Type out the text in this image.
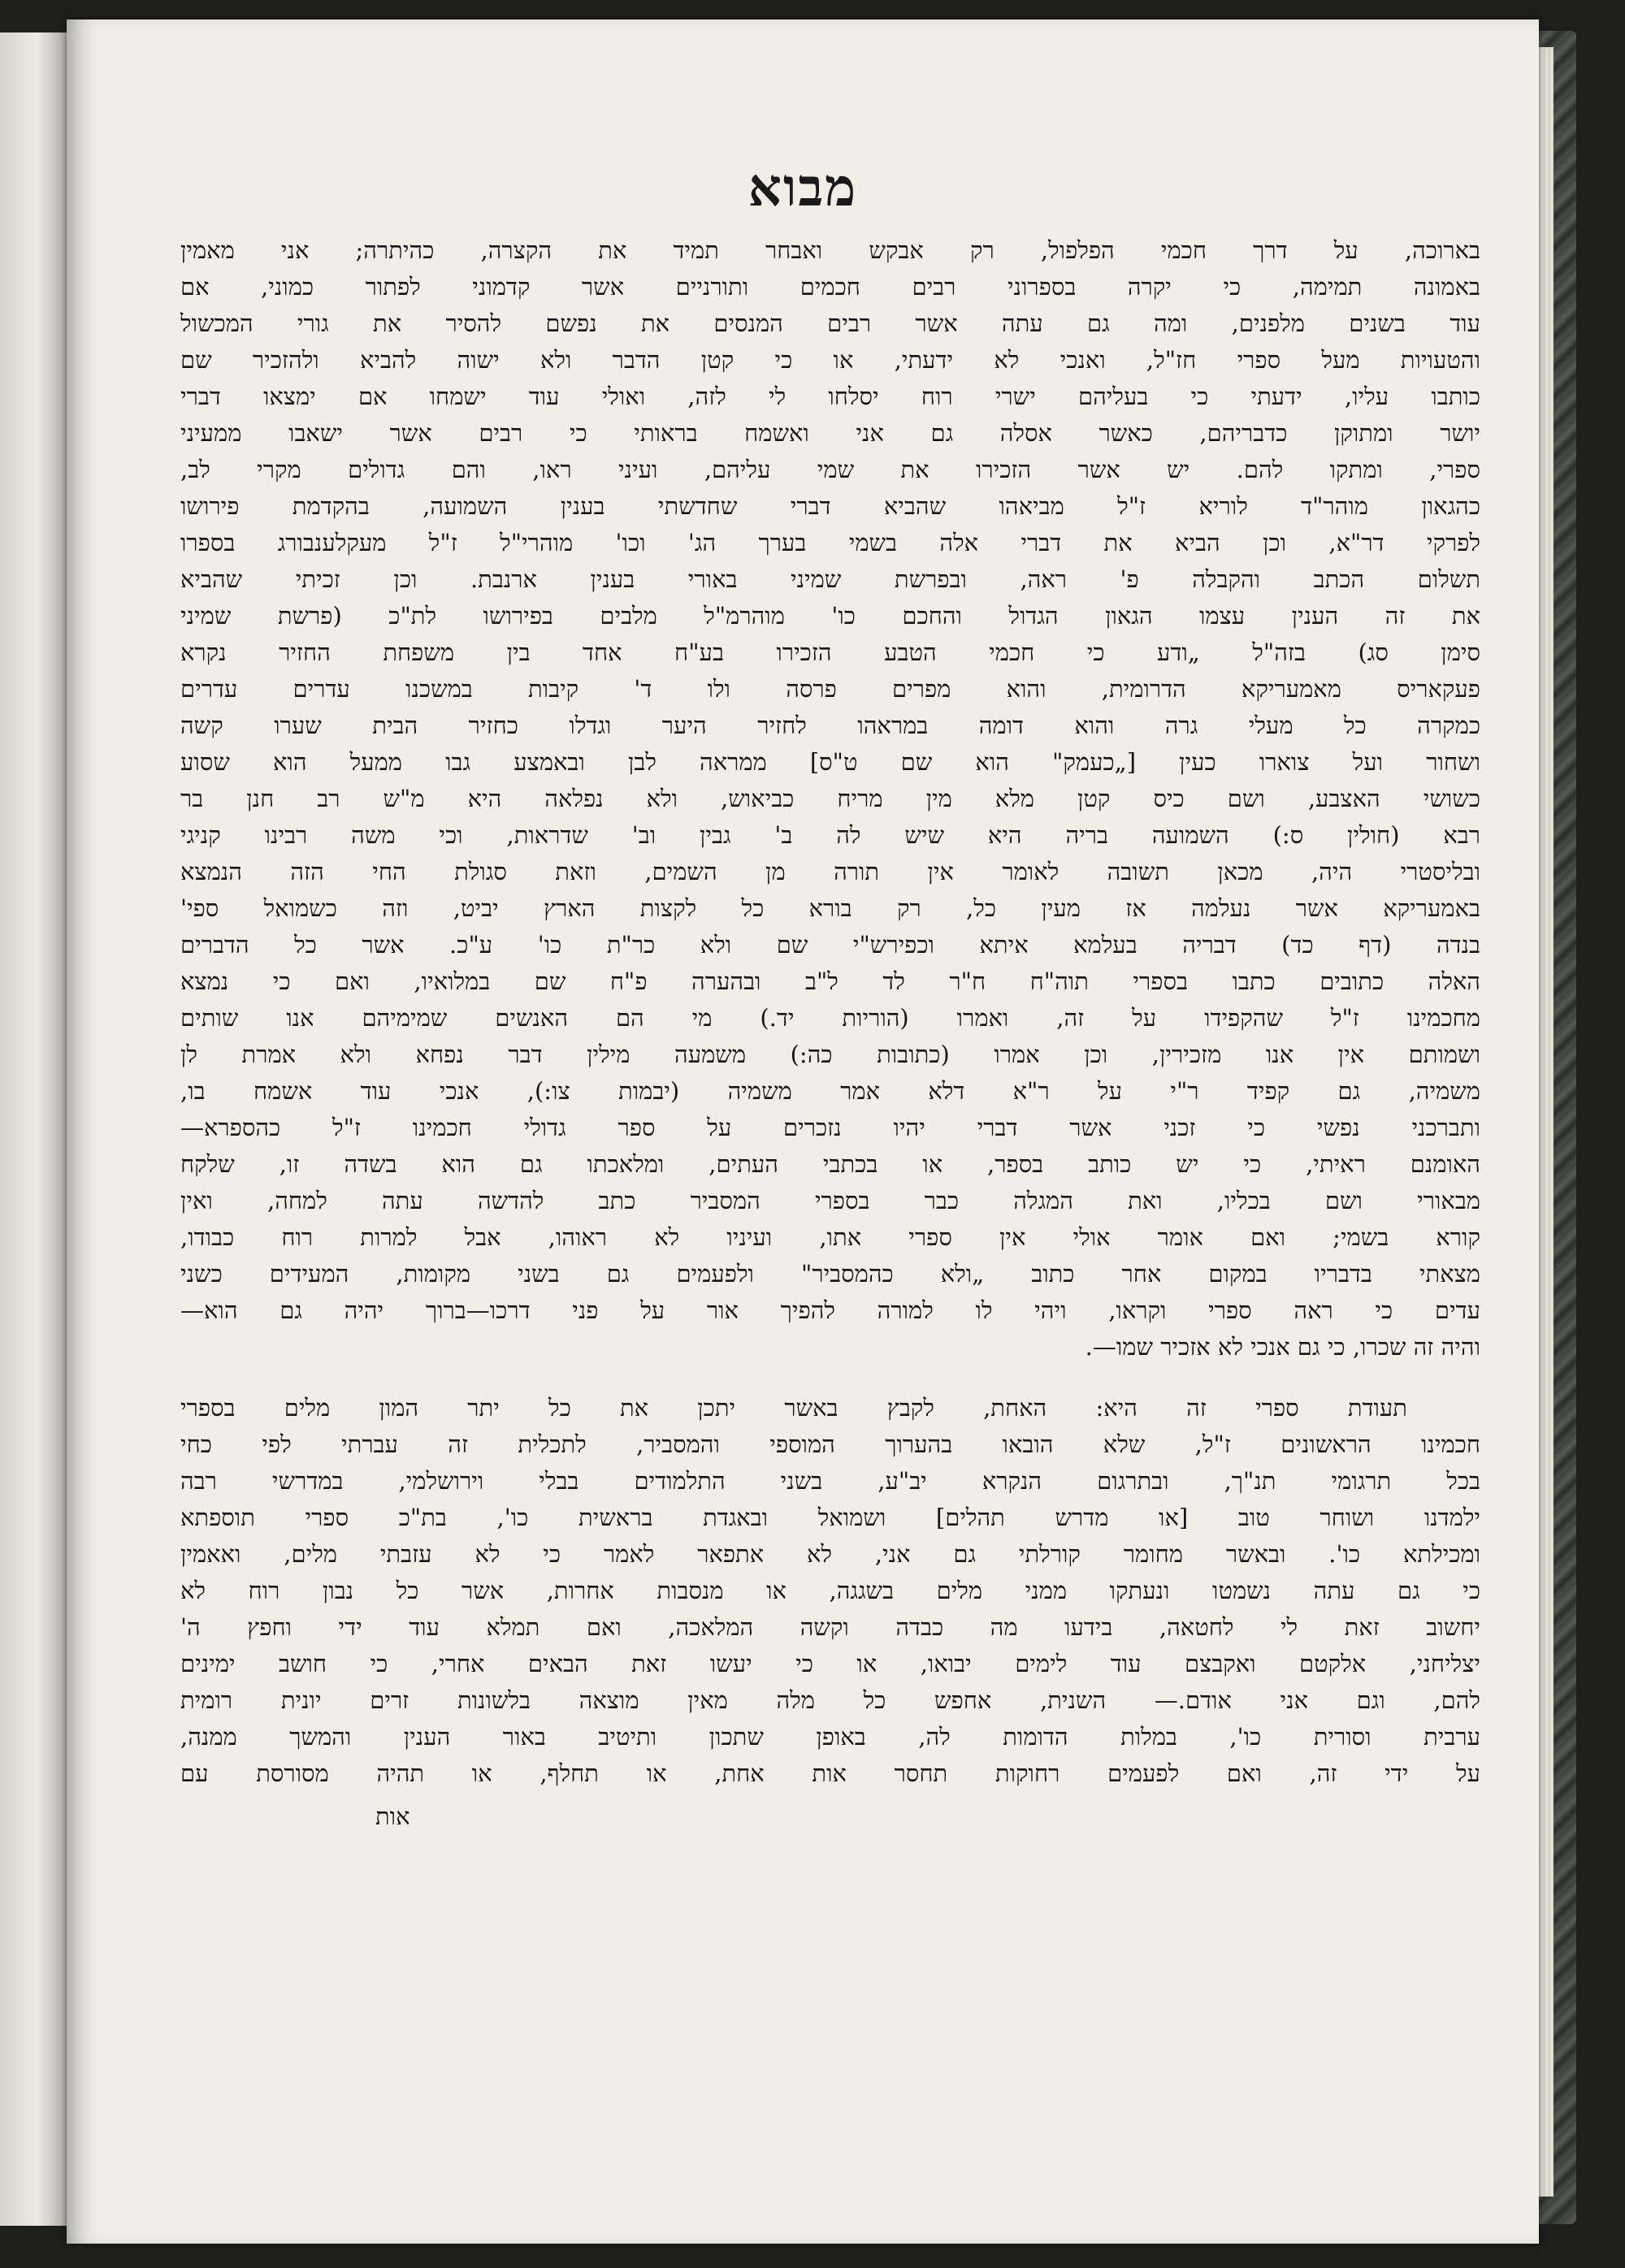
מבוא
בארוכה, על דרך חכמי הפלפול, רק אבקש ואבחר תמיד את הקצרה, כהיתרה; אני מאמין
באמונה תמימה, כי יקרה בספרוני רבים חכמים ותורניים אשר קדמוני לפתור כמוני, אם
עוד בשנים מלפנים, ומה גם עתה אשר רבים המנסים את נפשם להסיר את גורי המכשול
והטעויות מעל ספרי חז"ל, ואנכי לא ידעתי, או כי קטן הדבר ולא ישוה להביא ולהזכיר שם
כותבו עליו, ידעתי כי בעליהם ישרי רוח יסלחו לי לזה, ואולי עוד ישמחו אם ימצאו דברי
יושר ומתוקן כדבריהם, כאשר אסלה גם אני ואשמח בראותי כי רבים אשר ישאבו ממעיני
ספרי, ומתקו להם. יש אשר הזכירו את שמי עליהם, ועיני ראו, והם גדולים מקרי לב,
כהגאון מוהר"ד לוריא ז"ל מביאהו שהביא דברי שחדשתי בענין השמועה, בהקדמת פירושו
לפרקי דר"א, וכן הביא את דברי אלה בשמי בערך הג' וכו' מוהרי"ל ז"ל מעקלענבורג בספרו
תשלום הכתב והקבלה פ' ראה, ובפרשת שמיני באורי בענין ארנבת. וכן זכיתי שהביא
את זה הענין עצמו הגאון הגדול והחכם כו' מוהרמ"ל מלבים בפירושו לת"כ (פרשת שמיני
סימן סג) בזה"ל „ודע כי חכמי הטבע הזכירו בע"ח אחד בין משפחת החזיר נקרא
פעקאריס מאמעריקא הדרומית, והוא מפרים פרסה ולו ד' קיבות במשכנו עדרים עדרים
כמקרה כל מעלי גרה והוא דומה במראהו לחזיר היער וגדלו כחזיר הבית שערו קשה
ושחור ועל צוארו כעין [„כעמק" הוא שם ט"ס] ממראה לבן ובאמצע גבו ממעל הוא שסוע
כשושי האצבע, ושם כיס קטן מלא מין מריח כביאוש, ולא נפלאה היא מ"ש רב חנן בר
רבא (חולין ס:) השמועה בריה היא שיש לה ב' גבין וב' שדראות, וכי משה רבינו קניגי
ובליסטרי היה, מכאן תשובה לאומר אין תורה מן השמים, וזאת סגולת החי הזה הנמצא
באמעריקא אשר נעלמה אז מעין כל, רק בורא כל לקצות הארץ יביט, וזה כשמואל ספי'
בנדה (דף כד) דבריה בעלמא איתא וכפירש"י שם ולא כר"ת כו' ע"כ. אשר כל הדברים
האלה כתובים כתבו בספרי תוה"ח ח"ר לד ל"ב ובהערה פ"ח שם במלואיו, ואם כי נמצא
מחכמינו ז"ל שהקפידו על זה, ואמרו (הוריות יד.) מי הם האנשים שמימיהם אנו שותים
ושמותם אין אנו מזכירין, וכן אמרו (כתובות כה:) משמעה מילין דבר נפחא ולא אמרת לן
משמיה, גם קפיד ר"י על ר"א דלא אמר משמיה (יבמות צו:), אנכי עוד אשמח בו,
ותברכני נפשי כי זכני אשר דברי יהיו נזכרים על ספר גדולי חכמינו ז"ל כהספרא—
האומנם ראיתי, כי יש כותב בספר, או בכתבי העתים, ומלאכתו גם הוא בשדה זו, שלקח
מבאורי ושם בכליו, ואת המגלה כבר בספרי המסביר כתב להדשה עתה למחה, ואין
קורא בשמי; ואם אומר אולי אין ספרי אתו, ועיניו לא ראוהו, אבל למרות רוח כבודו,
מצאתי בדבריו במקום אחר כתוב „ולא כהמסביר" ולפעמים גם בשני מקומות, המעידים כשני
עדים כי ראה ספרי וקראו, ויהי לו למורה להפיך אור על פני דרכו—ברוך יהיה גם הוא—
והיה זה שכרו, כי גם אנכי לא אזכיר שמו—.
תעודת ספרי זה היא: האחת, לקבץ באשר יתכן את כל יתר המון מלים בספרי
חכמינו הראשונים ז"ל, שלא הובאו בהערוך המוספי והמסביר, לתכלית זה עברתי לפי כחי
בכל תרגומי תנ"ך, ובתרגום הנקרא יב"ע, בשני התלמודים בבלי וירושלמי, במדרשי רבה
ילמדנו ושוחר טוב [או מדרש תהלים] ושמואל ובאגדת בראשית כו', בת"כ ספרי תוספתא
ומכילתא כו'. ובאשר מחומר קורלתי גם אני, לא אתפאר לאמר כי לא עזבתי מלים, ואאמין
כי גם עתה נשמטו ונעתקו ממני מלים בשגגה, או מנסבות אחרות, אשר כל נבון רוח לא
יחשוב זאת לי לחטאה, בידעו מה כבדה וקשה המלאכה, ואם תמלא עוד ידי וחפץ ה'
יצליחני, אלקטם ואקבצם עוד לימים יבואו, או כי יעשו זאת הבאים אחרי, כי חושב ימינים
להם, וגם אני אודם.— השנית, אחפש כל מלה מאין מוצאה בלשונות זרים יונית רומית
ערבית וסורית כו', במלות הדומות לה, באופן שתכון ותיטיב באור הענין והמשך ממנה,
על ידי זה, ואם לפעמים רחוקות תחסר אות אחת, או תחלף, או תהיה מסורסת עם
אות
